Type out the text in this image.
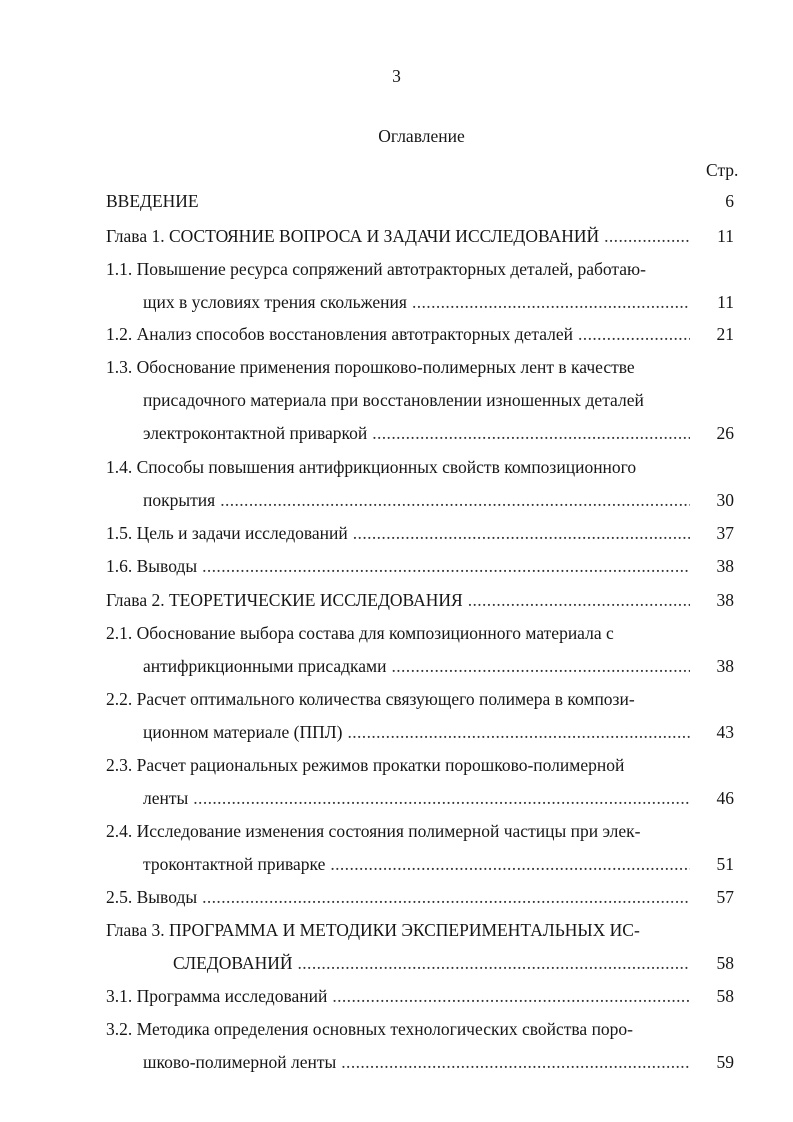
3
Оглавление
Стр.
ВВЕДЕНИЕ	6
Глава 1. СОСТОЯНИЕ ВОПРОСА И ЗАДАЧИ ИССЛЕДОВАНИЙ .....	11
1.1. Повышение ресурса сопряжений автотракторных деталей, работаю-
щих в условиях трения скольжения .....	11
1.2. Анализ способов восстановления автотракторных деталей .....	21
1.3. Обоснование применения порошково-полимерных лент в качестве
присадочного материала при восстановлении изношенных деталей
электроконтактной приваркой .....	26
1.4. Способы повышения антифрикционных свойств композиционного
покрытия .....	30
1.5. Цель и задачи исследований .....	37
1.6. Выводы .....	38
Глава 2. ТЕОРЕТИЧЕСКИЕ ИССЛЕДОВАНИЯ .....	38
2.1. Обоснование выбора состава для композиционного материала с
антифрикционными присадками .....	38
2.2. Расчет оптимального количества связующего полимера в компози-
ционном материале (ППЛ) .....	43
2.3. Расчет рациональных режимов прокатки порошково-полимерной
ленты .....	46
2.4. Исследование изменения состояния полимерной частицы при элек-
троконтактной приварке .....	51
2.5. Выводы .....	57
Глава 3. ПРОГРАММА И МЕТОДИКИ ЭКСПЕРИМЕНТАЛЬНЫХ ИС-
СЛЕДОВАНИЙ .....	58
3.1. Программа исследований .....	58
3.2. Методика определения основных технологических свойства поро-
шково-полимерной ленты .....	59
